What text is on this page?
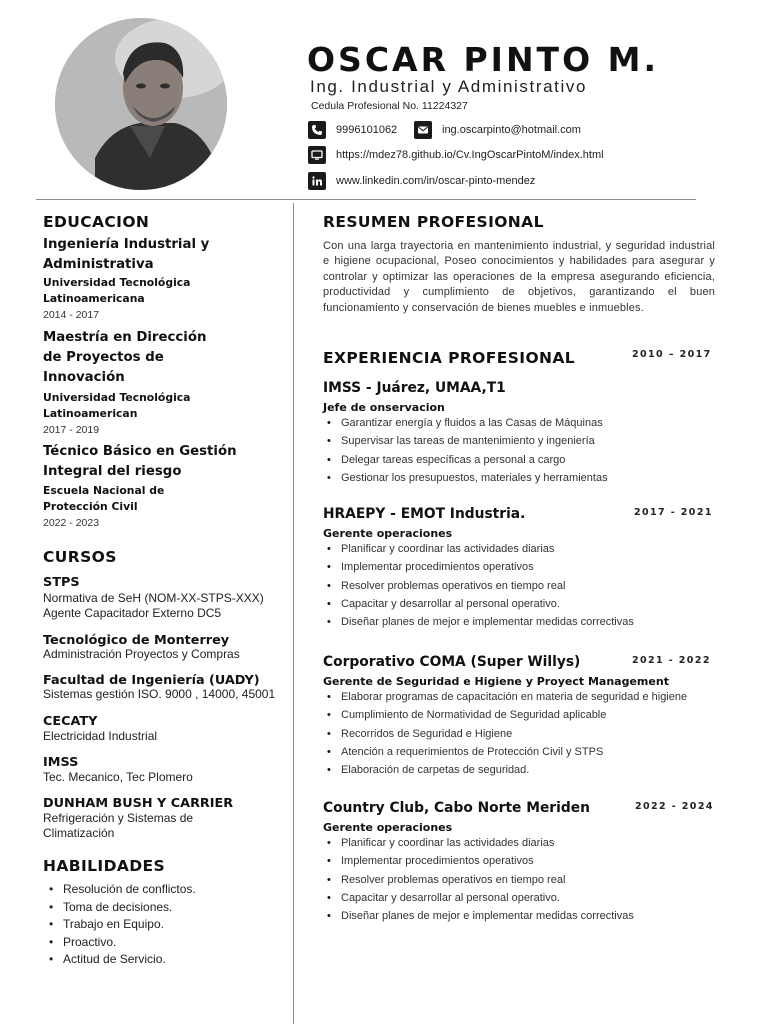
OSCAR PINTO M.
Ing. Industrial y Administrativo
Cedula Profesional No. 11224327
9996101062	ing.oscarpinto@hotmail.com
https://mdez78.github.io/Cv.IngOscarPintoM/index.html
www.linkedin.com/in/oscar-pinto-mendez
EDUCACION
Ingeniería Industrial y Administrativa
Universidad Tecnológica Latinoamericana
2014 - 2017
Maestría en Dirección de Proyectos de Innovación
Universidad Tecnológica Latinoamerican
2017 - 2019
Técnico Básico en Gestión Integral del riesgo
Escuela Nacional de Protección Civil
2022 - 2023
CURSOS
STPS
Normativa de SeH (NOM-XX-STPS-XXX)
Agente Capacitador Externo DC5
Tecnológico de Monterrey
Administración Proyectos y Compras
Facultad de Ingeniería (UADY)
Sistemas gestión ISO. 9000 , 14000, 45001
CECATY
Electricidad Industrial
IMSS
Tec. Mecanico, Tec Plomero
DUNHAM BUSH Y CARRIER
Refrigeración y Sistemas de
Climatización
HABILIDADES
• Resolución de conflictos.
• Toma de decisiones.
• Trabajo en Equipo.
• Proactivo.
• Actitud de Servicio.
RESUMEN PROFESIONAL
Con una larga trayectoria en mantenimiento industrial, y seguridad industrial e higiene ocupacional, Poseo conocimientos y habilidades para asegurar y controlar y optimizar las operaciones de la empresa asegurando eficiencia, productividad y cumplimiento de objetivos, garantizando el buen funcionamiento y conservación de bienes muebles e inmuebles.
EXPERIENCIA PROFESIONAL	2010 – 2017
IMSS - Juárez, UMAA,T1
Jefe de onservacion
• Garantizar energía y fluidos a las Casas de Máquinas
• Supervisar las tareas de mantenimiento y ingeniería
• Delegar tareas específicas a personal a cargo
• Gestionar los presupuestos, materiales y herramientas
2017 - 2021
HRAEPY - EMOT Industria.
Gerente operaciones
• Planificar y coordinar las actividades diarias
• Implementar procedimientos operativos
• Resolver problemas operativos en tiempo real
• Capacitar y desarrollar al personal operativo.
• Diseñar planes de mejor e implementar medidas correctivas
2021 - 2022
Corporativo COMA (Super Willys)
Gerente de Seguridad e Higiene y Proyect Management
• Elaborar programas de capacitación en materia de seguridad e higiene
• Cumplimiento de Normatividad de Seguridad aplicable
• Recorridos de Seguridad e Higiene
• Atención a requerimientos de Protección Civil y STPS
• Elaboración de carpetas de seguridad.
2022 - 2024
Country Club, Cabo Norte Meriden
Gerente operaciones
• Planificar y coordinar las actividades diarias
• Implementar procedimientos operativos
• Resolver problemas operativos en tiempo real
• Capacitar y desarrollar al personal operativo.
• Diseñar planes de mejor e implementar medidas correctivas
